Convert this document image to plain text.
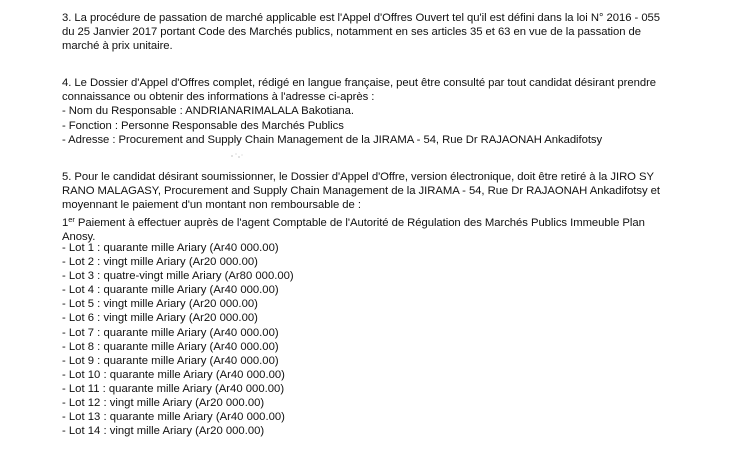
3. La procédure de passation de marché applicable est l'Appel d'Offres Ouvert tel qu'il est défini dans la loi N° 2016 - 055
du 25 Janvier 2017 portant Code des Marchés publics, notamment en ses articles 35 et 63 en vue de la passation de
marché à prix unitaire.
4. Le Dossier d'Appel d'Offres complet, rédigé en langue française, peut être consulté par tout candidat désirant prendre
connaissance ou obtenir des informations à l'adresse ci-après :
- Nom du Responsable : ANDRIANARIMALALA Bakotiana.
- Fonction : Personne Responsable des Marchés Publics
- Adresse : Procurement and Supply Chain Management de la JIRAMA - 54, Rue Dr RAJAONAH Ankadifotsy
5. Pour le candidat désirant soumissionner, le Dossier d'Appel d'Offre, version électronique, doit être retiré à la JIRO SY
RANO MALAGASY, Procurement and Supply Chain Management de la JIRAMA - 54, Rue Dr RAJAONAH Ankadifotsy et
moyennant le paiement d'un montant non remboursable de :
1er Paiement à effectuer auprès de l'agent Comptable de l'Autorité de Régulation des Marchés Publics Immeuble Plan
Anosy.
- Lot 1 : quarante mille Ariary (Ar40 000.00)
- Lot 2 : vingt mille Ariary (Ar20 000.00)
- Lot 3 : quatre-vingt mille Ariary (Ar80 000.00)
- Lot 4 : quarante mille Ariary (Ar40 000.00)
- Lot 5 : vingt mille Ariary (Ar20 000.00)
- Lot 6 : vingt mille Ariary (Ar20 000.00)
- Lot 7 : quarante mille Ariary (Ar40 000.00)
- Lot 8 : quarante mille Ariary (Ar40 000.00)
- Lot 9 : quarante mille Ariary (Ar40 000.00)
- Lot 10 : quarante mille Ariary (Ar40 000.00)
- Lot 11 : quarante mille Ariary (Ar40 000.00)
- Lot 12 : vingt mille Ariary (Ar20 000.00)
- Lot 13 : quarante mille Ariary (Ar40 000.00)
- Lot 14 : vingt mille Ariary (Ar20 000.00)
